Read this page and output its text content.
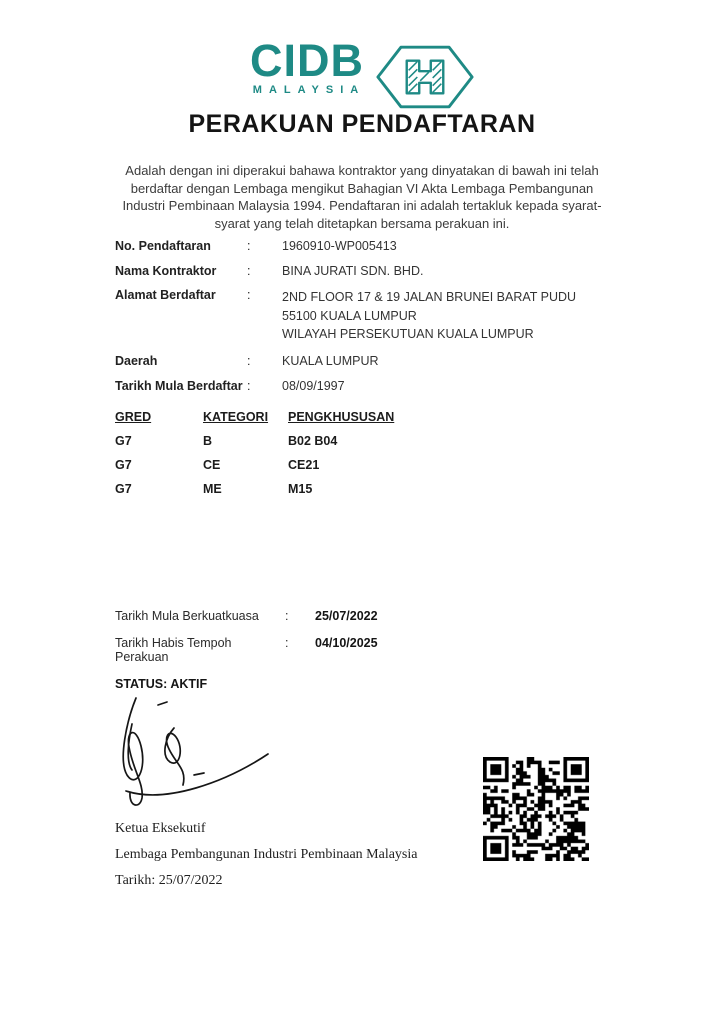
CIDB
MALAYSIA
PERAKUAN PENDAFTARAN
Adalah dengan ini diperakui bahawa kontraktor yang dinyatakan di bawah ini telah berdaftar dengan Lembaga mengikut Bahagian VI Akta Lembaga Pembangunan Industri Pembinaan Malaysia 1994. Pendaftaran ini adalah tertakluk kepada syarat-syarat yang telah ditetapkan bersama perakuan ini.
No. Pendaftaran	:	1960910-WP005413
Nama Kontraktor	:	BINA JURATI SDN. BHD.
Alamat Berdaftar	:	2ND FLOOR 17 & 19 JALAN BRUNEI BARAT PUDU
55100 KUALA LUMPUR
WILAYAH PERSEKUTUAN KUALA LUMPUR
Daerah	:	KUALA LUMPUR
Tarikh Mula Berdaftar :	08/09/1997
GRED	KATEGORI	PENGKHUSUSAN
G7	B	B02 B04
G7	CE	CE21
G7	ME	M15
Tarikh Mula Berkuatkuasa	:	25/07/2022
Tarikh Habis Tempoh Perakuan
:	04/10/2025
STATUS: AKTIF
Ketua Eksekutif
Lembaga Pembangunan Industri Pembinaan Malaysia
Tarikh: 25/07/2022
